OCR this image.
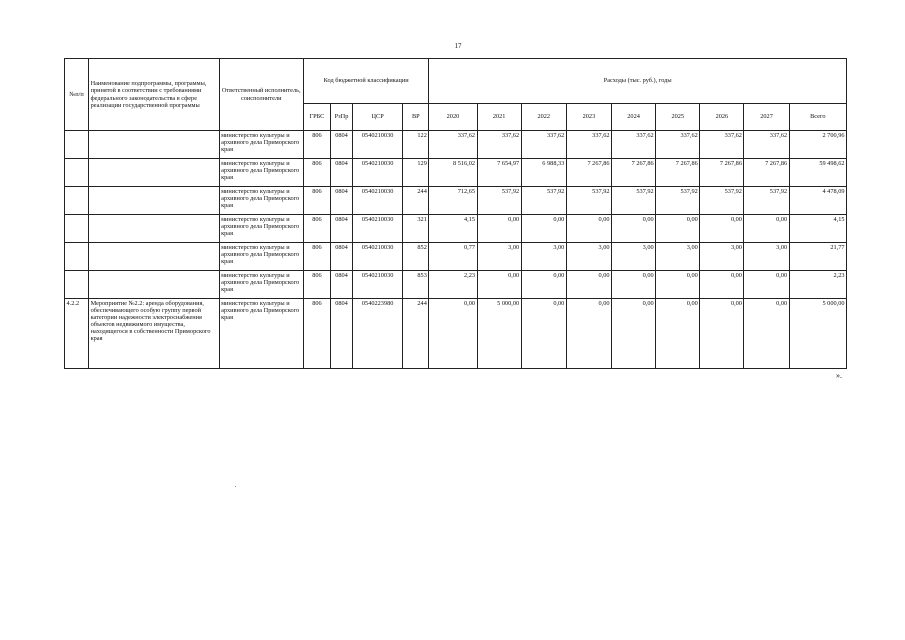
17
№п/п	Наименование подпрограммы, программы, принятой в соответствии с требованиями федерального законодательства в сфере реализации государственной программы	Ответственный исполнитель, соисполнители	Код бюджетной классификации				Расходы (тыс. руб.), годы								
			ГРБС	РзПр	ЦСР	ВР	2020	2021	2022	2023	2024	2025	2026	2027	Всего
		министерство культуры и архивного дела Приморского края	806	0804	0540210030	122	337,62	337,62	337,62	337,62	337,62	337,62	337,62	337,62	2 700,96
		министерство культуры и архивного дела Приморского края	806	0804	0540210030	129	8 516,02	7 654,97	6 988,33	7 267,86	7 267,86	7 267,86	7 267,86	7 267,86	59 498,62
		министерство культуры и архивного дела Приморского края	806	0804	0540210030	244	712,65	537,92	537,92	537,92	537,92	537,92	537,92	537,92	4 478,09
		министерство культуры и архивного дела Приморского края	806	0804	0540210030	321	4,15	0,00	0,00	0,00	0,00	0,00	0,00	0,00	4,15
		министерство культуры и архивного дела Приморского края	806	0804	0540210030	852	0,77	3,00	3,00	3,00	3,00	3,00	3,00	3,00	21,77
		министерство культуры и архивного дела Приморского края	806	0804	0540210030	853	2,23	0,00	0,00	0,00	0,00	0,00	0,00	0,00	2,23
4.2.2	Мероприятие №2.2: аренда оборудования, обеспечивающего особую группу первой категории надежности электроснабжения объектов недвижимого имущества, находящегося в собственности Приморского края	министерство культуры и архивного дела Приморского края	806	0804	0540223980	244	0,00	5 000,00	0,00	0,00	0,00	0,00	0,00	0,00	5 000,00
».
